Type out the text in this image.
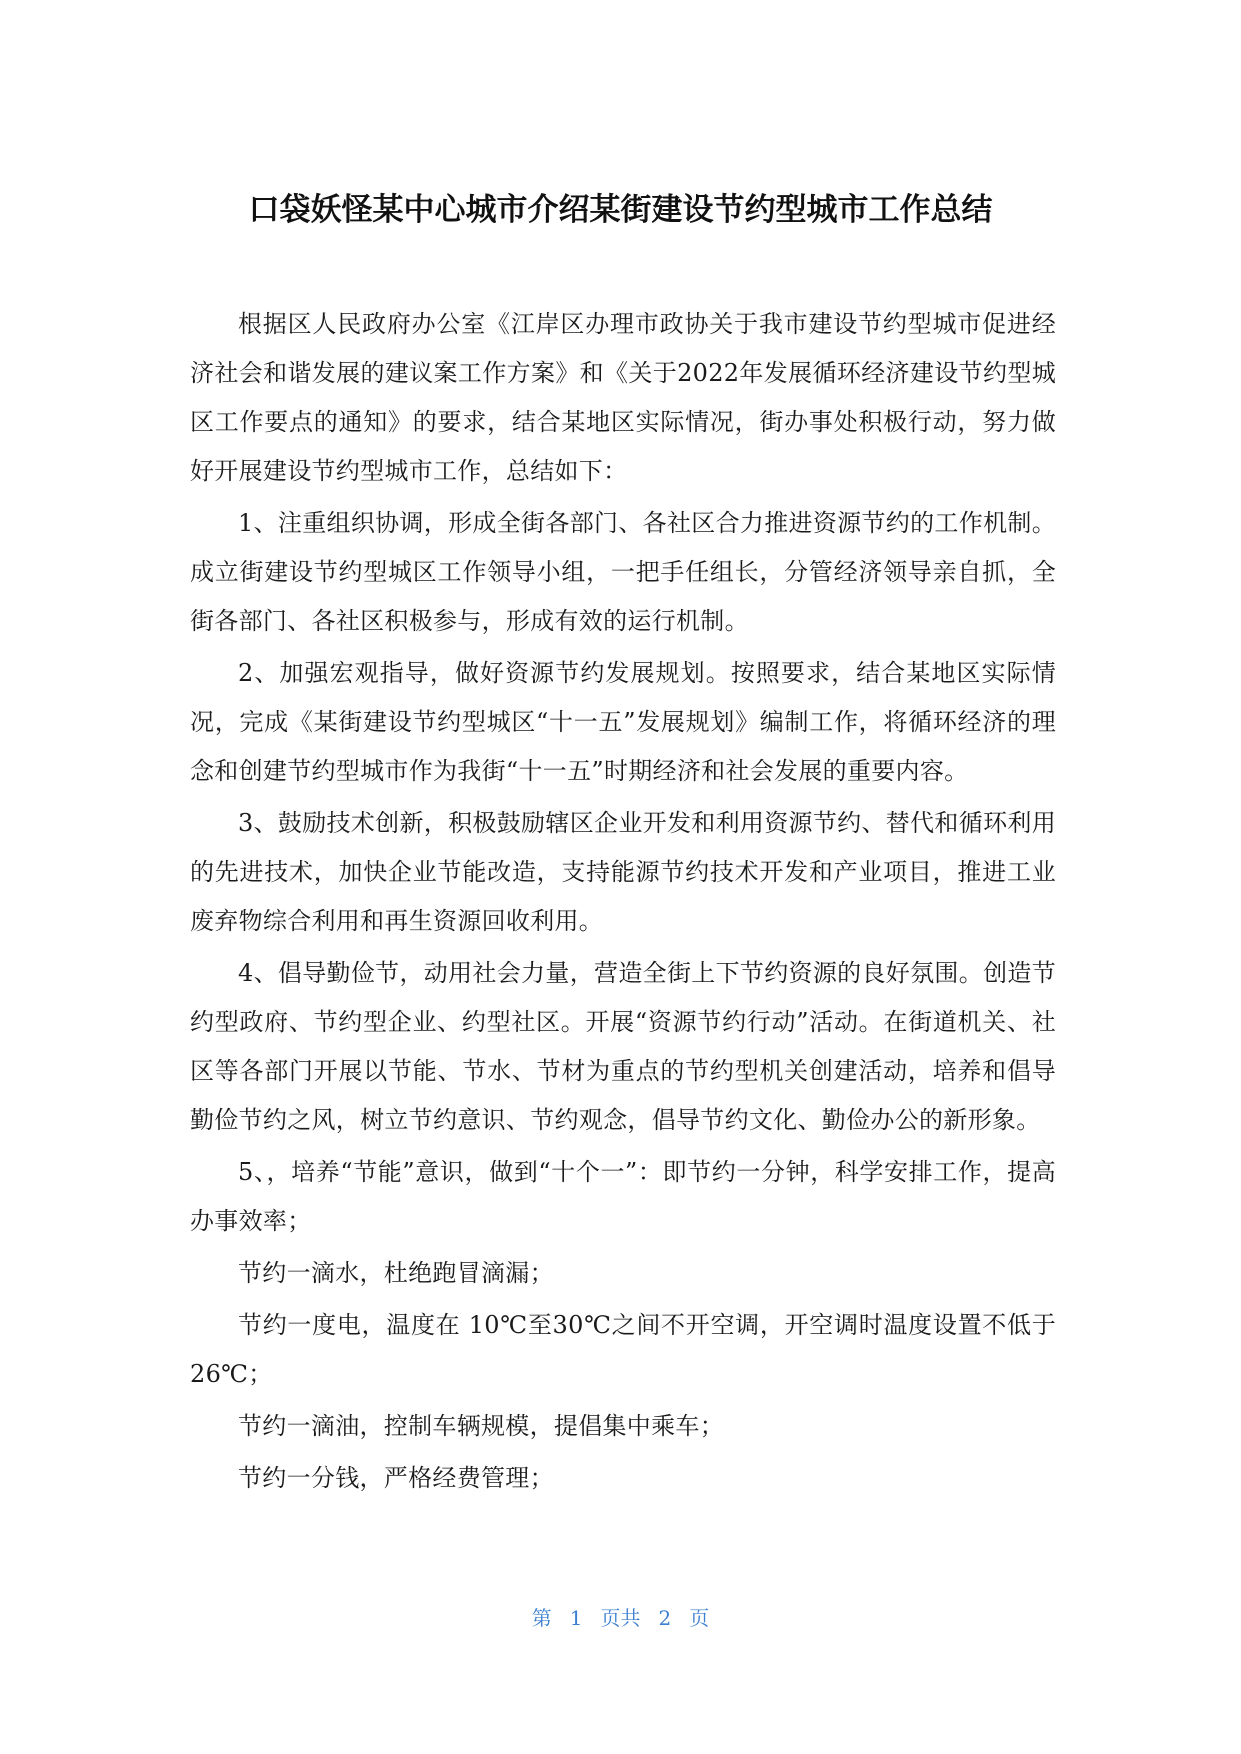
口袋妖怪某中心城市介绍某街建设节约型城市工作总结

根据区人民政府办公室《江岸区办理市政协关于我市建设节约型城市促进经济社会和谐发展的建议案工作方案》和《关于2022年发展循环经济建设节约型城区工作要点的通知》的要求，结合某地区实际情况，街办事处积极行动，努力做好开展建设节约型城市工作，总结如下：

1、注重组织协调，形成全街各部门、各社区合力推进资源节约的工作机制。成立街建设节约型城区工作领导小组，一把手任组长，分管经济领导亲自抓，全街各部门、各社区积极参与，形成有效的运行机制。

2、加强宏观指导，做好资源节约发展规划。按照要求，结合某地区实际情况，完成《某街建设节约型城区“十一五”发展规划》编制工作，将循环经济的理念和创建节约型城市作为我街“十一五”时期经济和社会发展的重要内容。

3、鼓励技术创新，积极鼓励辖区企业开发和利用资源节约、替代和循环利用的先进技术，加快企业节能改造，支持能源节约技术开发和产业项目，推进工业废弃物综合利用和再生资源回收利用。

4、倡导勤俭节，动用社会力量，营造全街上下节约资源的良好氛围。创造节约型政府、节约型企业、约型社区。开展“资源节约行动”活动。在街道机关、社区等各部门开展以节能、节水、节材为重点的节约型机关创建活动，培养和倡导勤俭节约之风，树立节约意识、节约观念，倡导节约文化、勤俭办公的新形象。

5、，培养“节能”意识，做到“十个一”：即节约一分钟，科学安排工作，提高办事效率；

节约一滴水，杜绝跑冒滴漏；

节约一度电，温度在 10℃至30℃之间不开空调，开空调时温度设置不低于26℃；

节约一滴油，控制车辆规模，提倡集中乘车；

节约一分钱，严格经费管理；

第 1 页共 2 页
